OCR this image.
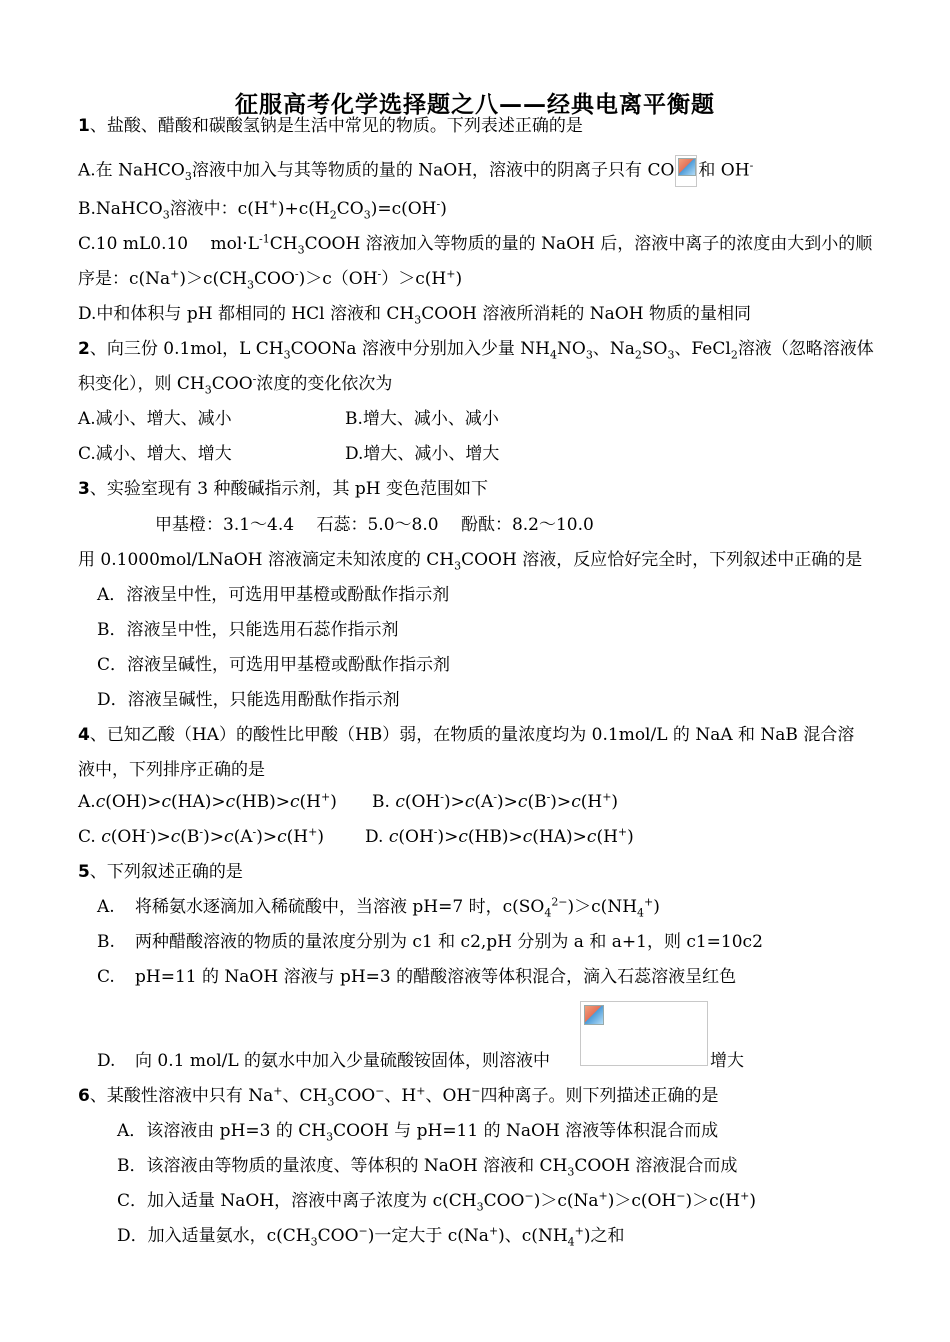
征服高考化学选择题之八——经典电离平衡题
1、盐酸、醋酸和碳酸氢钠是生活中常见的物质。下列表述正确的是
A.在 NaHCO$_3$溶液中加入与其等物质的量的 NaOH，溶液中的阴离子只有 CO 和 OH-
B.NaHCO$_3$溶液中：$c(H^+)+c(H_2CO_3)=c(OH^-)$
C.10 mL0.10　 $mol\cdot L^{-1}CH_3COOH$ 溶液加入等物质的量的 NaOH 后，溶液中离子的浓度由大到小的顺
序是：$c(Na^+)>c(CH_3COO^-)>c(OH^-)>c(H^+)$
D.中和体积与 pH 都相同的 HCl 溶液和 $CH_3COOH$ 溶液所消耗的 NaOH 物质的量相同
2、向三份 0.1mol，L $CH_3COONa$ 溶液中分别加入少量 $NH_4NO_3$、$Na_2SO_3$、FeCl$_2$溶液（忽略溶液体
积变化），则 $CH_3COO^-$浓度的变化依次为
A.减小、增大、减小	B.增大、减小、减小
C.减小、增大、增大	D.增大、减小、增大
3、实验室现有 3 种酸碱指示剂，其 pH 变色范围如下
甲基橙：3.1～4.4　 石蕊：5.0～8.0　 酚酞：8.2～10.0
用 0.1000mol/LNaOH 溶液滴定未知浓度的 $CH_3COOH$ 溶液，反应恰好完全时，下列叙述中正确的是
A．溶液呈中性，可选用甲基橙或酚酞作指示剂
B．溶液呈中性，只能选用石蕊作指示剂
C．溶液呈碱性，可选用甲基橙或酚酞作指示剂
D．溶液呈碱性，只能选用酚酞作指示剂
4、已知乙酸（HA）的酸性比甲酸（HB）弱，在物质的量浓度均为 0.1mol/L 的 NaA 和 NaB 混合溶
液中，下列排序正确的是
A.c(OH)>c(HA)>c(HB)>c(H+) B. c(OH-)>c(A-)>c(B-)>c(H+)
C. c(OH-)>c(B-)>c(A-)>c(H+) D. c(OH-)>c(HB)>c(HA)>c(H+)
5、下列叙述正确的是
A. 将稀氨水逐滴加入稀硫酸中，当溶液 pH=7 时，$c(SO_4^{2-})>c(NH_4^+)$
B. 两种醋酸溶液的物质的量浓度分别为 c1 和 c2,pH 分别为 a 和 a+1，则 c1=10c2
C. pH=11 的 NaOH 溶液与 pH=3 的醋酸溶液等体积混合，滴入石蕊溶液呈红色
D. 向 0.1 mol/L 的氨水中加入少量硫酸铵固体，则溶液中	增大
6、某酸性溶液中只有 Na+、$CH_3COO^-$、H+、OH−四种离子。则下列描述正确的是
A．该溶液由 pH=3 的 $CH_3COOH$ 与 pH=11 的 NaOH 溶液等体积混合而成
B．该溶液由等物质的量浓度、等体积的 NaOH 溶液和 $CH_3COOH$ 溶液混合而成
C．加入适量 NaOH，溶液中离子浓度为 $c(CH_3COO^-)>c(Na^+)>c(OH^-)>c(H^+)$
D．加入适量氨水，$c(CH_3COO^-)$一定大于 c(Na+)、$c(NH_4^+)$之和
